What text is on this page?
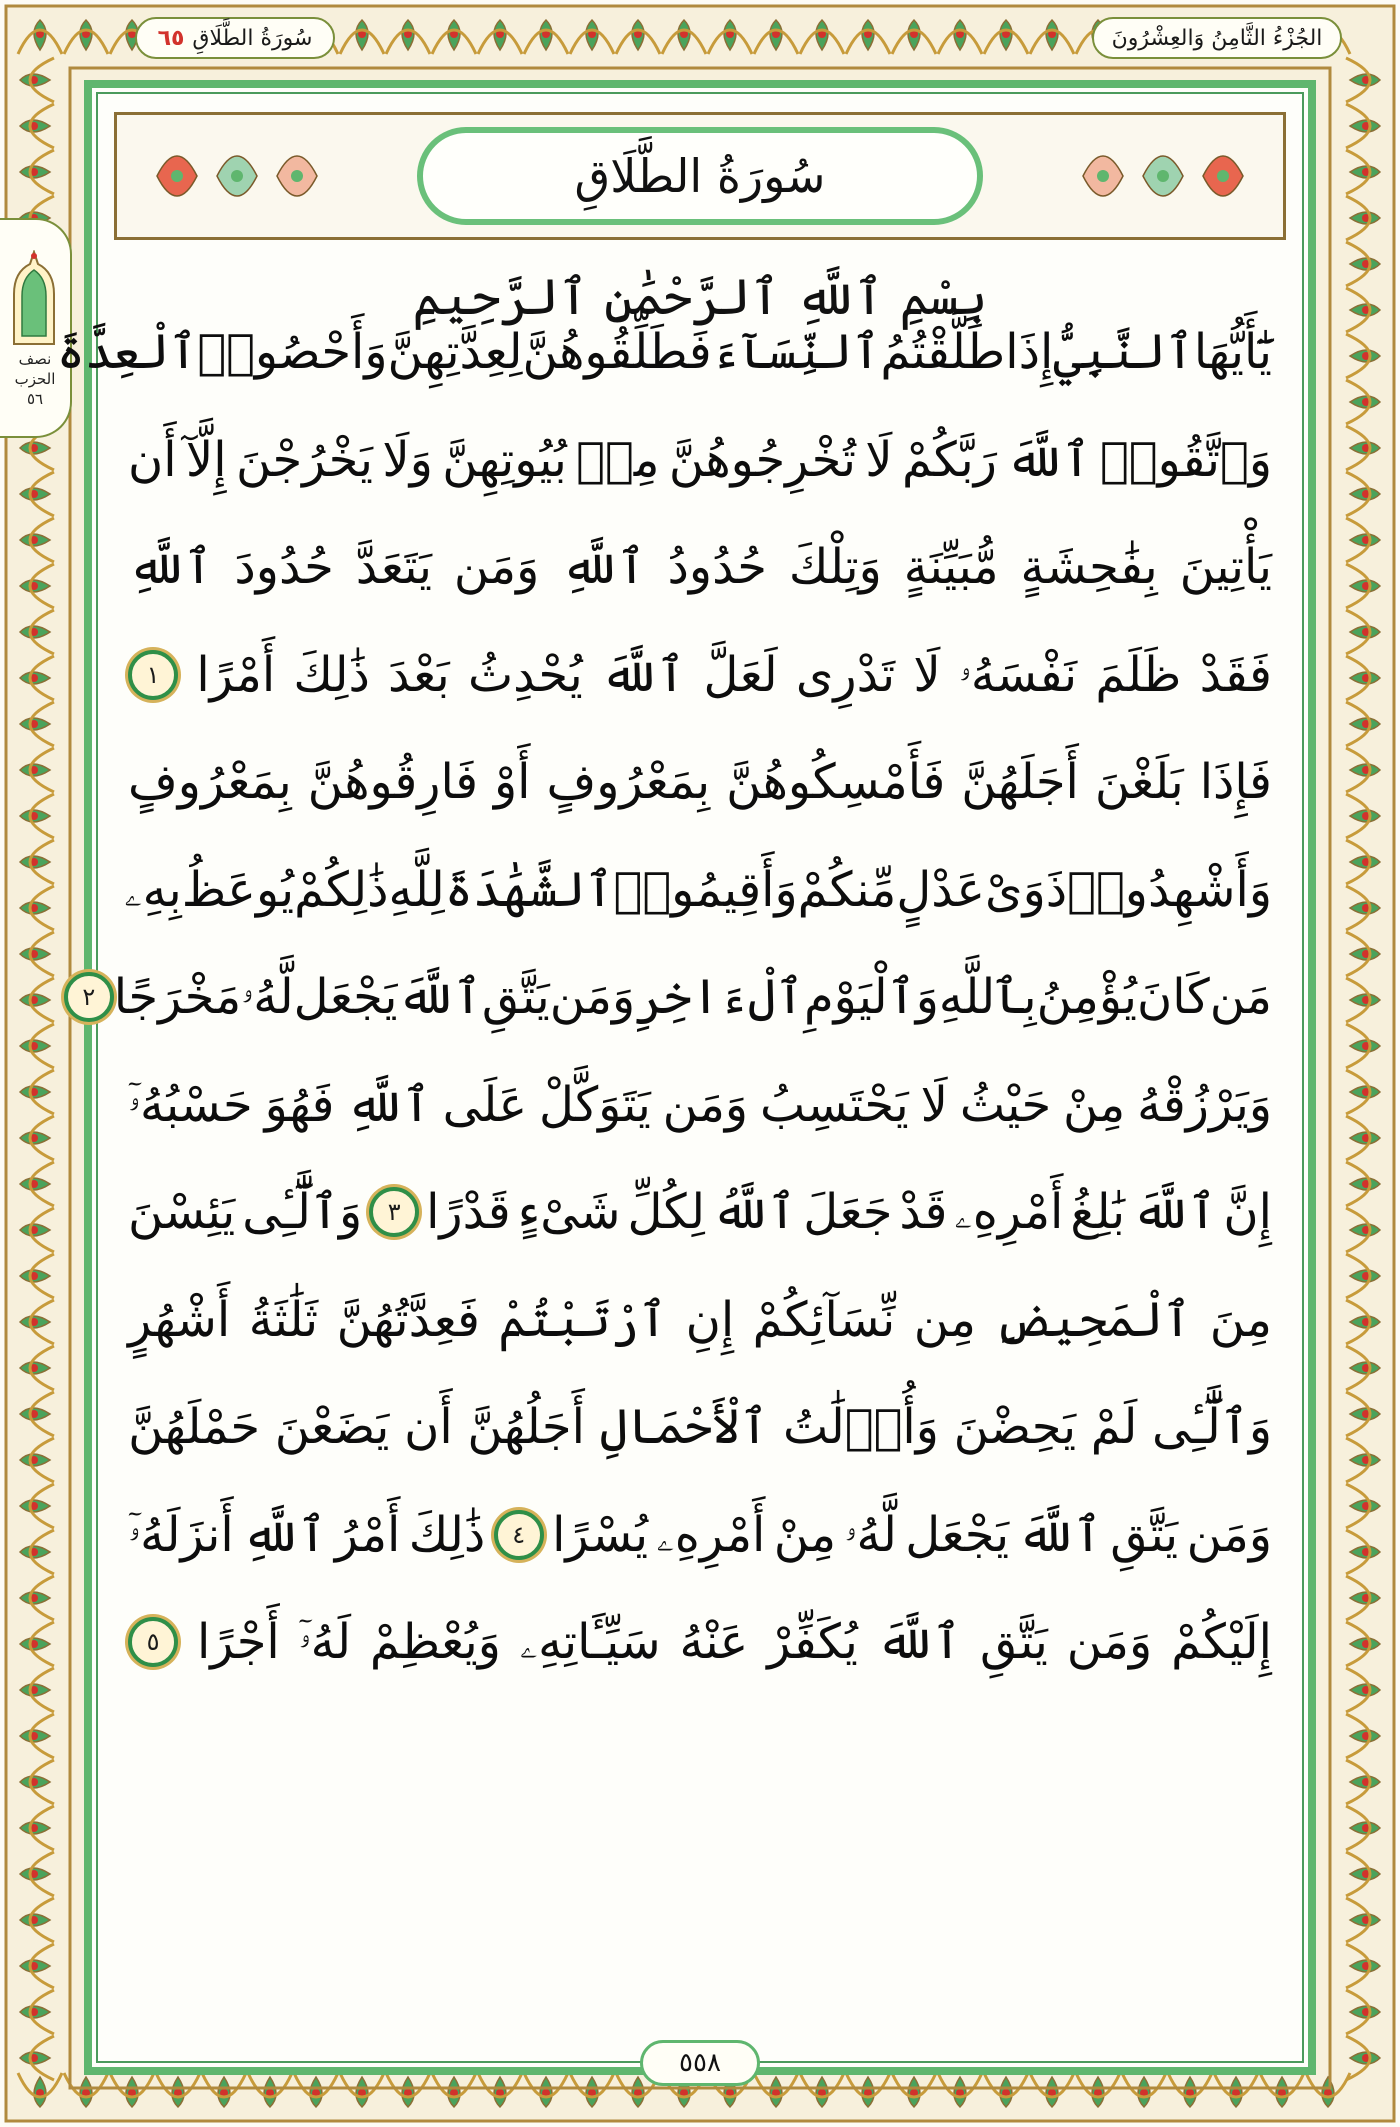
الجُزْءُ الثَّامِنُ وَالعِشْرُونَ
سُورَةُ الطَّلَاقِ
٦٥
سُورَةُ الطَّلَاقِ
نصف
الحزب
٥٦
بِسْمِ ٱللَّهِ ٱلرَّحْمَٰنِ ٱلرَّحِيمِ
يَٰٓأَيُّهَا
ٱلنَّبِيُّ
إِذَا
طَلَّقْتُمُ
ٱلنِّسَآءَ
فَطَلِّقُوهُنَّ
لِعِدَّتِهِنَّ
وَأَحْصُوا۟
ٱلْعِدَّةَ
وَٱتَّقُوا۟
ٱللَّهَ
رَبَّكُمْ
لَا
تُخْرِجُوهُنَّ
مِنۢ
بُيُوتِهِنَّ
وَلَا
يَخْرُجْنَ
إِلَّآ
أَن
يَأْتِينَ
بِفَٰحِشَةٍ
مُّبَيِّنَةٍ
وَتِلْكَ
حُدُودُ
ٱللَّهِ
وَمَن
يَتَعَدَّ
حُدُودَ
ٱللَّهِ
فَقَدْ
ظَلَمَ
نَفْسَهُۥ
لَا
تَدْرِى
لَعَلَّ
ٱللَّهَ
يُحْدِثُ
بَعْدَ
ذَٰلِكَ
أَمْرًا
١
فَإِذَا
بَلَغْنَ
أَجَلَهُنَّ
فَأَمْسِكُوهُنَّ
بِمَعْرُوفٍ
أَوْ
فَارِقُوهُنَّ
بِمَعْرُوفٍ
وَأَشْهِدُوا۟
ذَوَىْ
عَدْلٍ
مِّنكُمْ
وَأَقِيمُوا۟
ٱلشَّهَٰدَةَ
لِلَّهِ
ذَٰلِكُمْ
يُوعَظُ
بِهِۦ
مَن
كَانَ
يُؤْمِنُ
بِٱللَّهِ
وَٱلْيَوْمِ
ٱلْءَاخِرِ
وَمَن
يَتَّقِ
ٱللَّهَ
يَجْعَل
لَّهُۥ
مَخْرَجًا
٢
وَيَرْزُقْهُ
مِنْ
حَيْثُ
لَا
يَحْتَسِبُ
وَمَن
يَتَوَكَّلْ
عَلَى
ٱللَّهِ
فَهُوَ
حَسْبُهُۥٓ
إِنَّ
ٱللَّهَ
بَٰلِغُ
أَمْرِهِۦ
قَدْ
جَعَلَ
ٱللَّهُ
لِكُلِّ
شَىْءٍ
قَدْرًا
٣
وَٱلَّٰٓـِٔى
يَئِسْنَ
مِنَ
ٱلْمَحِيضِ
مِن
نِّسَآئِكُمْ
إِنِ
ٱرْتَبْتُمْ
فَعِدَّتُهُنَّ
ثَلَٰثَةُ
أَشْهُرٍ
وَٱلَّٰٓـِٔى
لَمْ
يَحِضْنَ
وَأُو۟لَٰتُ
ٱلْأَحْمَالِ
أَجَلُهُنَّ
أَن
يَضَعْنَ
حَمْلَهُنَّ
وَمَن
يَتَّقِ
ٱللَّهَ
يَجْعَل
لَّهُۥ
مِنْ
أَمْرِهِۦ
يُسْرًا
٤
ذَٰلِكَ
أَمْرُ
ٱللَّهِ
أَنزَلَهُۥٓ
إِلَيْكُمْ
وَمَن
يَتَّقِ
ٱللَّهَ
يُكَفِّرْ
عَنْهُ
سَيِّـَٔاتِهِۦ
وَيُعْظِمْ
لَهُۥٓ
أَجْرًا
٥
٥٥٨
